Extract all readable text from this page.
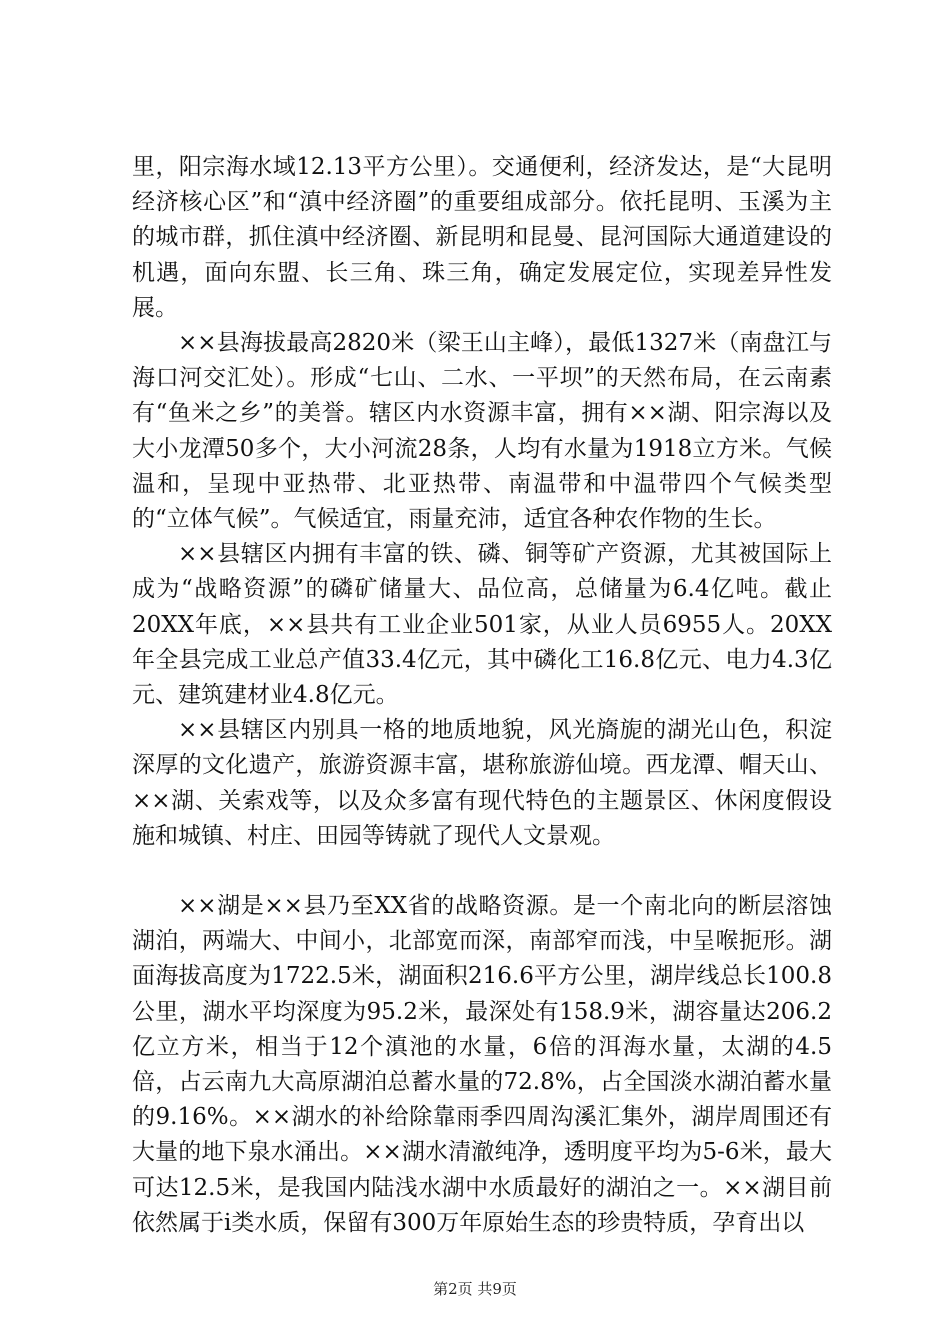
里，阳宗海水域12.13平方公里）。交通便利，经济发达，是“大昆明经济核心区”和“滇中经济圈”的重要组成部分。依托昆明、玉溪为主的城市群，抓住滇中经济圈、新昆明和昆曼、昆河国际大通道建设的机遇，面向东盟、长三角、珠三角，确定发展定位，实现差异性发展。

××县海拔最高2820米（梁王山主峰），最低1327米（南盘江与海口河交汇处）。形成“七山、二水、一平坝”的天然布局，在云南素有“鱼米之乡”的美誉。辖区内水资源丰富，拥有××湖、阳宗海以及大小龙潭50多个，大小河流28条，人均有水量为1918立方米。气候温和，呈现中亚热带、北亚热带、南温带和中温带四个气候类型的“立体气候”。气候适宜，雨量充沛，适宜各种农作物的生长。

××县辖区内拥有丰富的铁、磷、铜等矿产资源，尤其被国际上成为“战略资源”的磷矿储量大、品位高，总储量为6.4亿吨。截止20XX年底，××县共有工业企业501家，从业人员6955人。20XX年全县完成工业总产值33.4亿元，其中磷化工16.8亿元、电力4.3亿元、建筑建材业4.8亿元。

××县辖区内别具一格的地质地貌，风光旖旎的湖光山色，积淀深厚的文化遗产，旅游资源丰富，堪称旅游仙境。西龙潭、帽天山、××湖、关索戏等，以及众多富有现代特色的主题景区、休闲度假设施和城镇、村庄、田园等铸就了现代人文景观。

××湖是××县乃至XX省的战略资源。是一个南北向的断层溶蚀湖泊，两端大、中间小，北部宽而深，南部窄而浅，中呈喉扼形。湖面海拔高度为1722.5米，湖面积216.6平方公里，湖岸线总长100.8公里，湖水平均深度为95.2米，最深处有158.9米，湖容量达206.2亿立方米，相当于12个滇池的水量，6倍的洱海水量，太湖的4.5倍，占云南九大高原湖泊总蓄水量的72.8%，占全国淡水湖泊蓄水量的9.16%。××湖水的补给除靠雨季四周沟溪汇集外，湖岸周围还有大量的地下泉水涌出。××湖水清澈纯净，透明度平均为5-6米，最大可达12.5米，是我国内陆浅水湖中水质最好的湖泊之一。××湖目前依然属于ⅰ类水质，保留有300万年原始生态的珍贵特质，孕育出以

第2页 共9页
